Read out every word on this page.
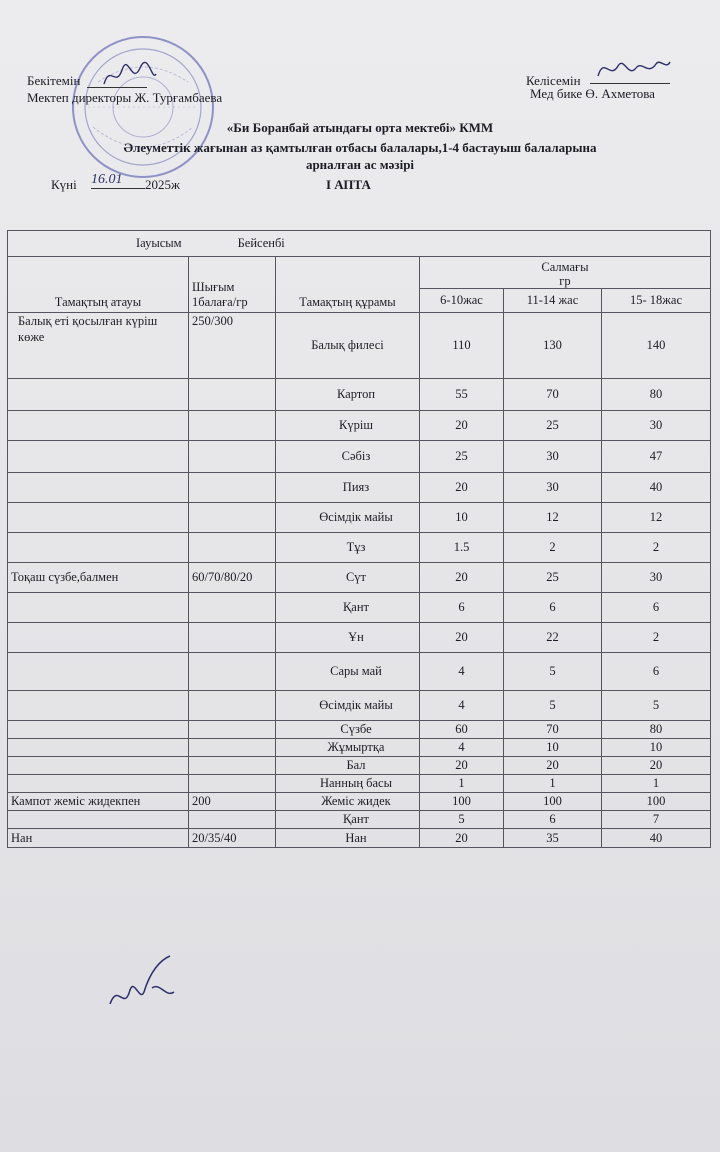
Бекітемін
Мектеп директоры Ж. Турғамбаева
Келісемін
Мед бике Ө. Ахметова
«Би Боранбай атындағы орта мектебі» КММ
Әлеуметтік жағынан аз қамтылған отбасы балалары,1-4 бастауыш балаларына
арналған ас мәзірі
Күні 16.01	2025ж	I АПТА
Іауысым Бейсенбі					
Тамақтың атауы	Шығым 1балаға/гр	Тамақтың құрамы	Салмағы
гр		

			6-10жас	11-14 жас	15- 18жас
Балық еті қосылған күріш көже	250/300	Балық филесі	110	130	140
		Картоп	55	70	80
		Күріш	20	25	30
		Сәбіз	25	30	47
		Пияз	20	30	40
		Өсімдік майы	10	12	12
		Тұз	1.5	2	2
Тоқаш сүзбе,балмен	60/70/80/20	Сүт	20	25	30
		Қант	6	6	6
		Ұн	20	22	2
		Сары май	4	5	6
		Өсімдік майы	4	5	5
		Сүзбе	60	70	80
		Жұмыртқа	4	10	10
		Бал	20	20	20
		Нанның басы	1	1	1
Кампот жеміс жидекпен	200	Жеміс жидек	100	100	100
		Қант	5	6	7
Нан	20/35/40	Нан	20	35	40
